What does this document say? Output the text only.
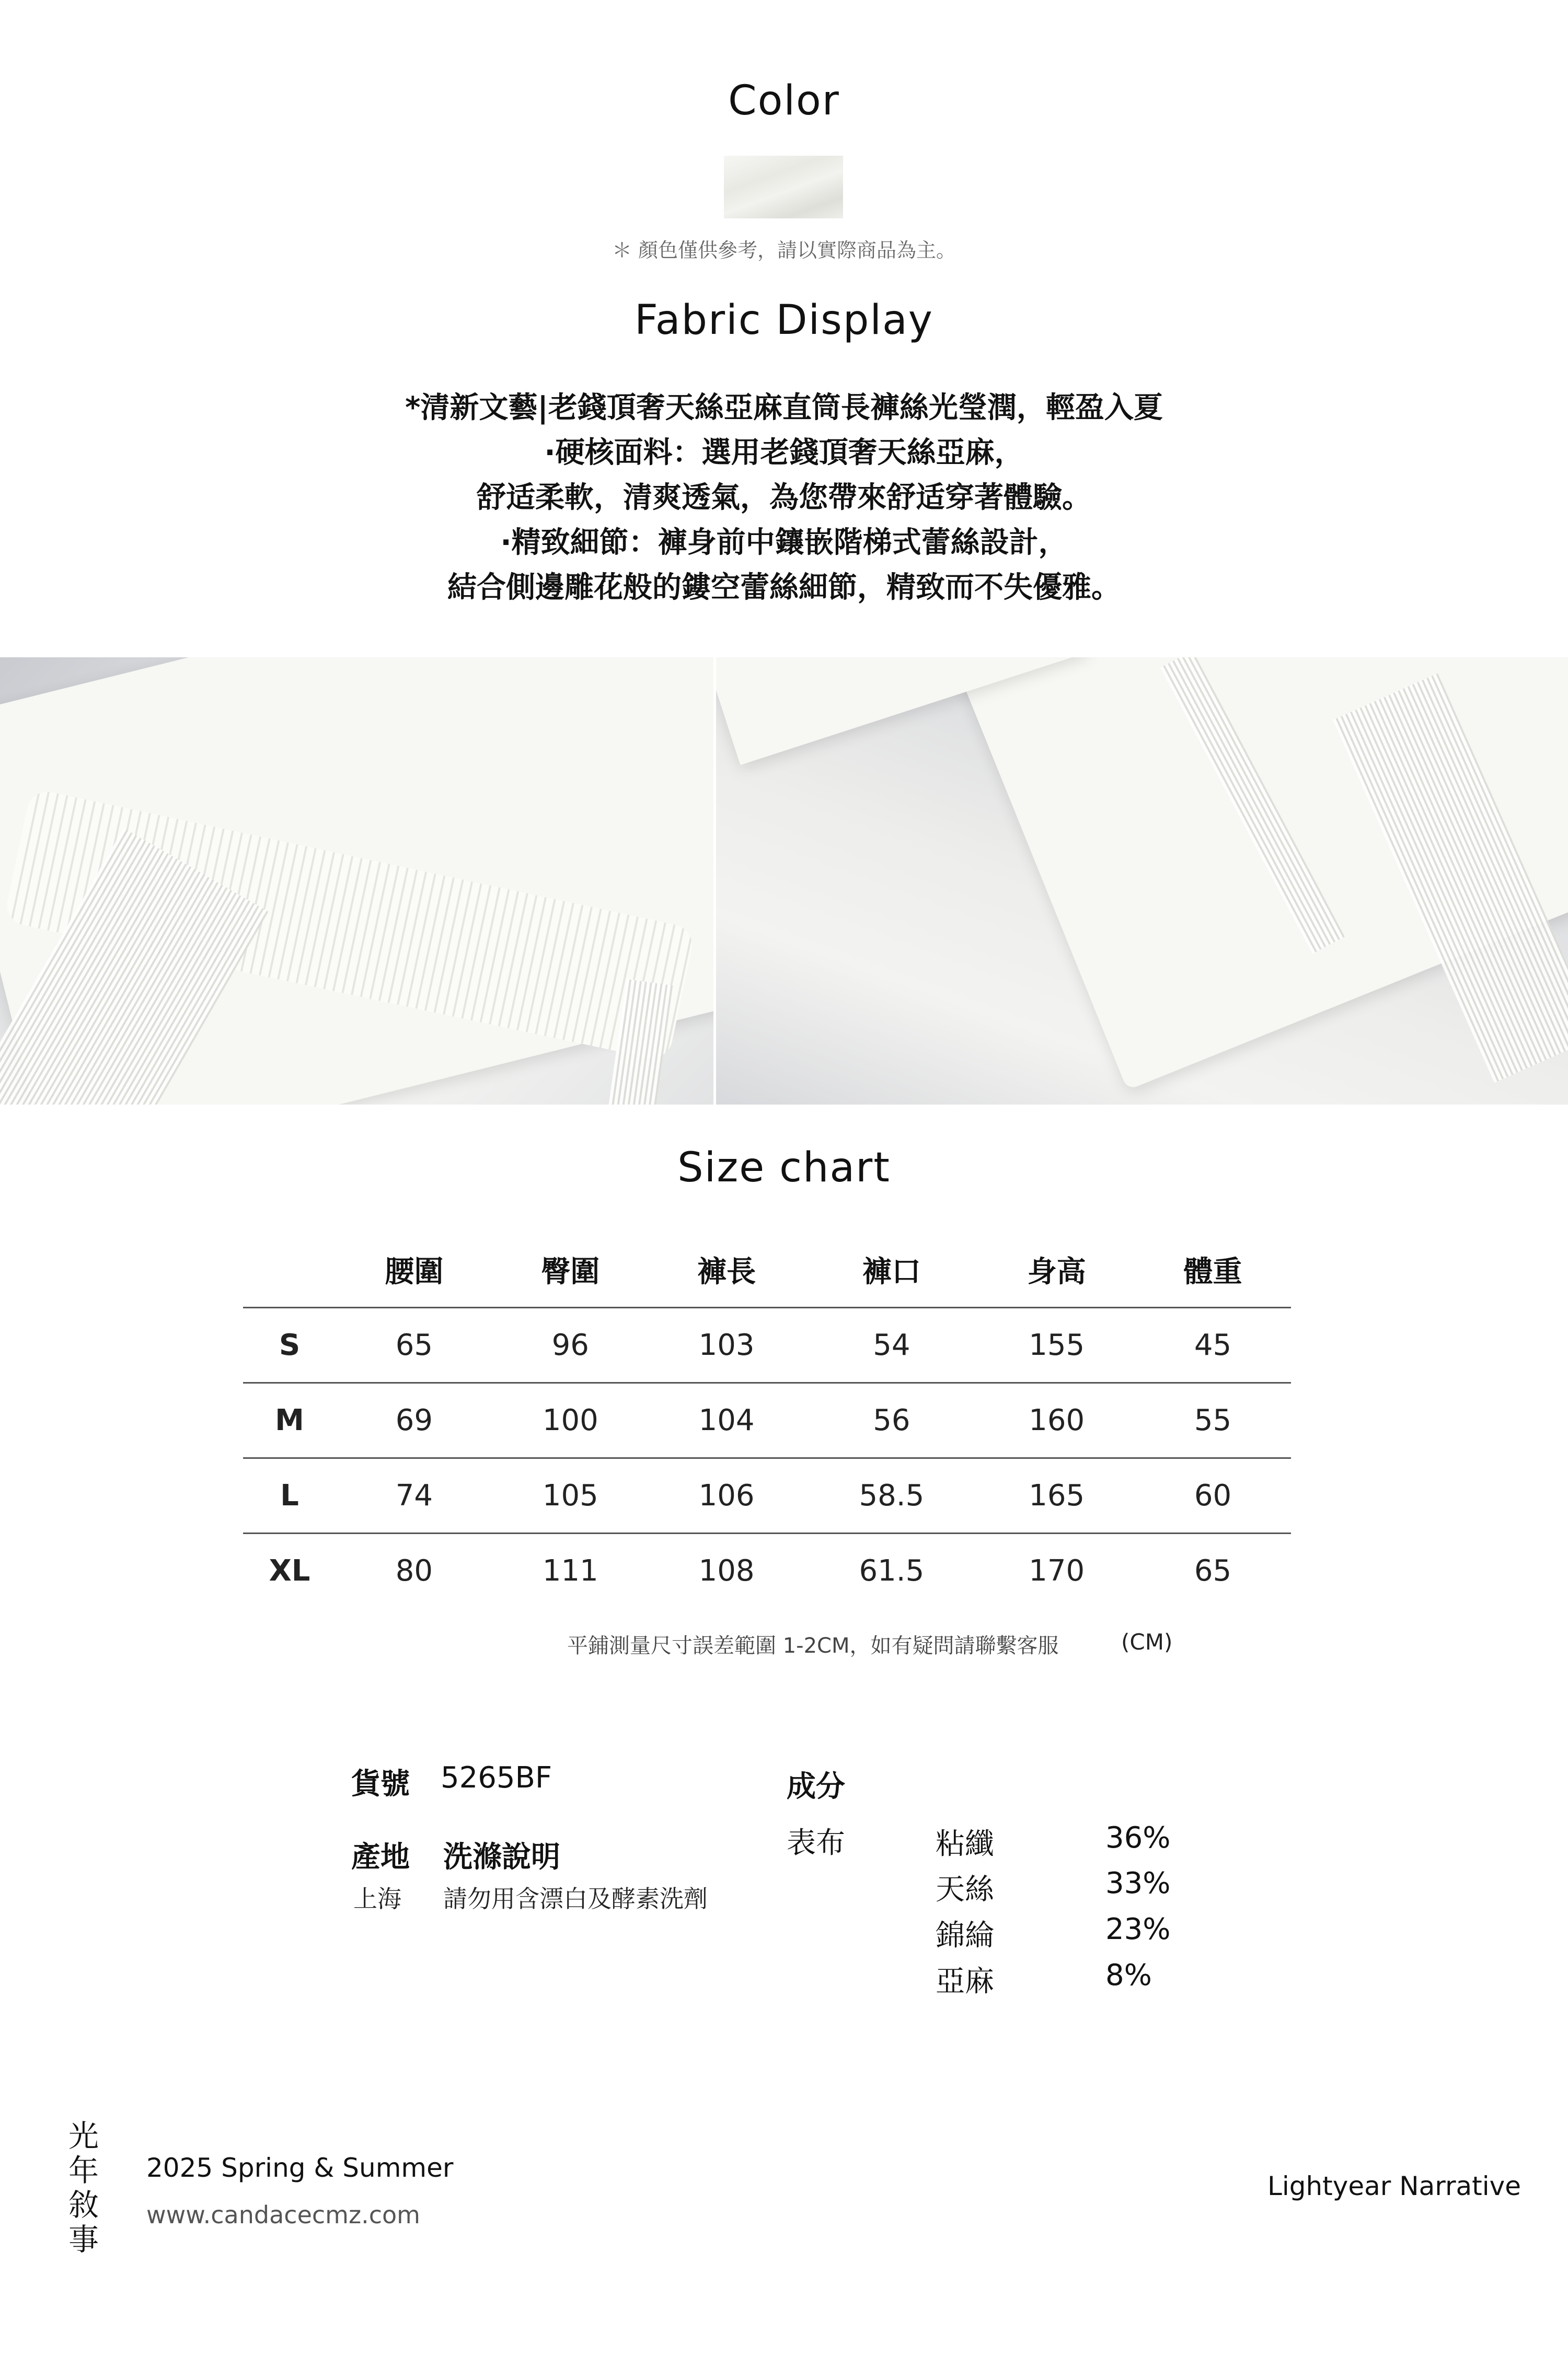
Color
＊ 顏色僅供參考，請以實際商品為主。
Fabric Display
*清新文藝|老錢頂奢天絲亞麻直筒長褲絲光瑩潤，輕盈入夏
·硬核面料：選用老錢頂奢天絲亞麻，
舒适柔軟，清爽透氣，為您帶來舒适穿著體驗。
·精致細節：褲身前中鑲嵌階梯式蕾絲設計，
結合側邊雕花般的鏤空蕾絲細節，精致而不失優雅。
Size chart
	腰圍	臀圍	褲長	褲口	身高	體重
S	65	96	103	54	155	45
M	69	100	104	56	160	55
L	74	105	106	58.5	165	60
XL	80	111	108	61.5	170	65
平鋪測量尺寸誤差範圍 1-2CM，如有疑問請聯繫客服	(CM)
貨號 5265BF
產地 洗滌說明
上海 請勿用含漂白及酵素洗劑
成分
表布	粘纖	36%
天絲	33%
錦綸	23%
亞麻	8%
光
年
敘
事
2025 Spring & Summer
www.candacecmz.com
Lightyear Narrative
